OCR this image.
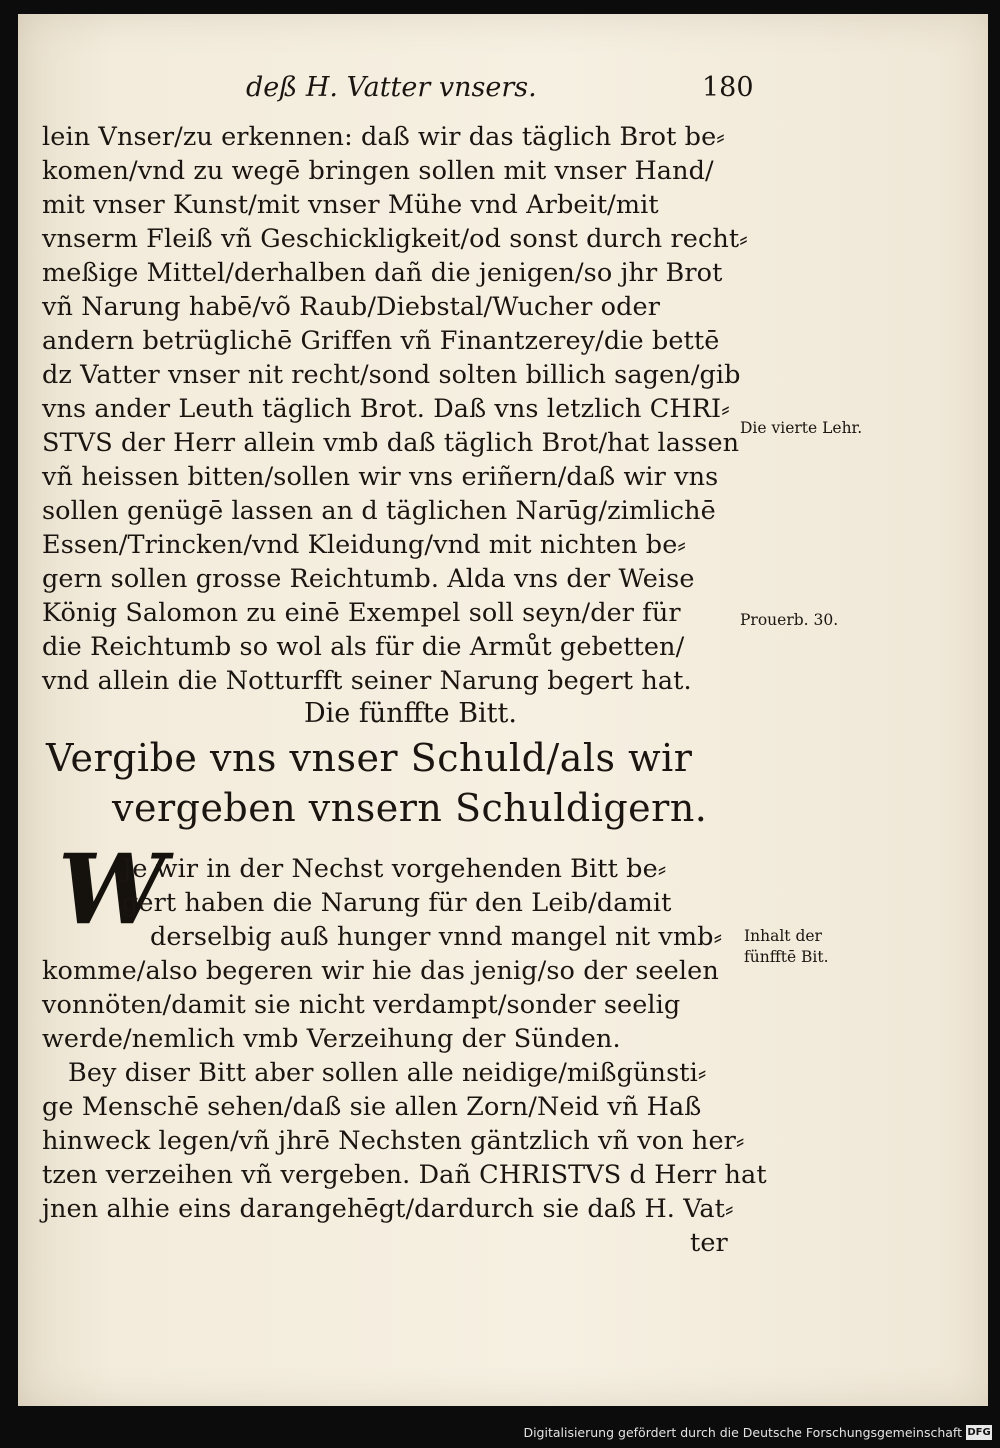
deß H. Vatter vnsers.	180

lein Vnser/zu erkennen: daß wir das täglich Brot be⸗

komen/vnd zu wegē bringen sollen mit vnser Hand/

mit vnser Kunst/mit vnser Mühe vnd Arbeit/mit

vnserm Fleiß vñ Geschickligkeit/od sonst durch recht⸗

meßige Mittel/derhalben dañ die jenigen/so jhr Brot

vñ Narung habē/võ Raub/Diebstal/Wucher oder

andern betrüglichē Griffen vñ Finantzerey/die bettē

dz Vatter vnser nit recht/sond solten billich sagen/gib

vns ander Leuth täglich Brot. Daß vns letzlich CHRI⸗

STVS der Herr allein vmb daß täglich Brot/hat lassen

vñ heissen bitten/sollen wir vns eriñern/daß wir vns

sollen genügē lassen an d täglichen Narūg/zimlichē

Essen/Trincken/vnd Kleidung/vnd mit nichten be⸗

gern sollen grosse Reichtumb. Alda vns der Weise

König Salomon zu einē Exempel soll seyn/der für

die Reichtumb so wol als für die Armůt gebetten/

vnd allein die Notturfft seiner Narung begert hat.

Die fünffte Bitt.

Vergibe vns vnser Schuld/als wir

vergeben vnsern Schuldigern.

W

Je wir in der Nechst vorgehenden Bitt be⸗

gert haben die Narung für den Leib/damit

derselbig auß hunger vnnd mangel nit vmb⸗

komme/also begeren wir hie das jenig/so der seelen

vonnöten/damit sie nicht verdampt/sonder seelig

werde/nemlich vmb Verzeihung der Sünden.

Bey diser Bitt aber sollen alle neidige/mißgünsti⸗

ge Menschē sehen/daß sie allen Zorn/Neid vñ Haß

hinweck legen/vñ jhrē Nechsten gäntzlich vñ von her⸗

tzen verzeihen vñ vergeben. Dañ CHRISTVS d Herr hat

jnen alhie eins darangehēgt/dardurch sie daß H. Vat⸗

ter

Die vierte Lehr.

Prouerb. 30.

Inhalt der fünfftē Bit.

Digitalisierung gefördert durch die Deutsche Forschungsgemeinschaft DFG
